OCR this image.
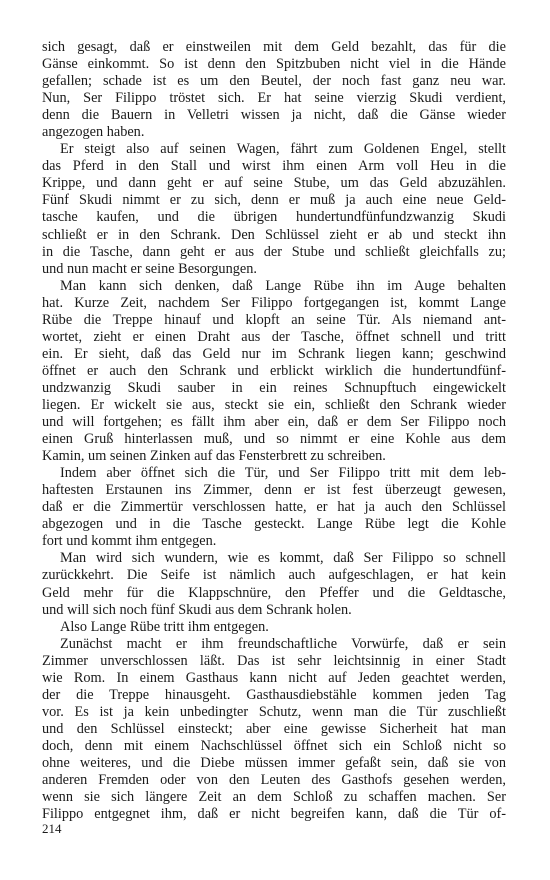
sich gesagt, daß er einstweilen mit dem Geld bezahlt, das für die
Gänse einkommt. So ist denn den Spitzbuben nicht viel in die Hände
gefallen; schade ist es um den Beutel, der noch fast ganz neu war.
Nun, Ser Filippo tröstet sich. Er hat seine vierzig Skudi verdient,
denn die Bauern in Velletri wissen ja nicht, daß die Gänse wieder
angezogen haben.
Er steigt also auf seinen Wagen, fährt zum Goldenen Engel, stellt
das Pferd in den Stall und wirst ihm einen Arm voll Heu in die
Krippe, und dann geht er auf seine Stube, um das Geld abzuzählen.
Fünf Skudi nimmt er zu sich, denn er muß ja auch eine neue Geld-
tasche kaufen, und die übrigen hundertundfünfundzwanzig Skudi
schließt er in den Schrank. Den Schlüssel zieht er ab und steckt ihn
in die Tasche, dann geht er aus der Stube und schließt gleichfalls zu;
und nun macht er seine Besorgungen.
Man kann sich denken, daß Lange Rübe ihn im Auge behalten
hat. Kurze Zeit, nachdem Ser Filippo fortgegangen ist, kommt Lange
Rübe die Treppe hinauf und klopft an seine Tür. Als niemand ant-
wortet, zieht er einen Draht aus der Tasche, öffnet schnell und tritt
ein. Er sieht, daß das Geld nur im Schrank liegen kann; geschwind
öffnet er auch den Schrank und erblickt wirklich die hundertundfünf-
undzwanzig Skudi sauber in ein reines Schnupftuch eingewickelt
liegen. Er wickelt sie aus, steckt sie ein, schließt den Schrank wieder
und will fortgehen; es fällt ihm aber ein, daß er dem Ser Filippo noch
einen Gruß hinterlassen muß, und so nimmt er eine Kohle aus dem
Kamin, um seinen Zinken auf das Fensterbrett zu schreiben.
Indem aber öffnet sich die Tür, und Ser Filippo tritt mit dem leb-
haftesten Erstaunen ins Zimmer, denn er ist fest überzeugt gewesen,
daß er die Zimmertür verschlossen hatte, er hat ja auch den Schlüssel
abgezogen und in die Tasche gesteckt. Lange Rübe legt die Kohle
fort und kommt ihm entgegen.
Man wird sich wundern, wie es kommt, daß Ser Filippo so schnell
zurückkehrt. Die Seife ist nämlich auch aufgeschlagen, er hat kein
Geld mehr für die Klappschnüre, den Pfeffer und die Geldtasche,
und will sich noch fünf Skudi aus dem Schrank holen.
Also Lange Rübe tritt ihm entgegen.
Zunächst macht er ihm freundschaftliche Vorwürfe, daß er sein
Zimmer unverschlossen läßt. Das ist sehr leichtsinnig in einer Stadt
wie Rom. In einem Gasthaus kann nicht auf Jeden geachtet werden,
der die Treppe hinausgeht. Gasthausdiebstähle kommen jeden Tag
vor. Es ist ja kein unbedingter Schutz, wenn man die Tür zuschließt
und den Schlüssel einsteckt; aber eine gewisse Sicherheit hat man
doch, denn mit einem Nachschlüssel öffnet sich ein Schloß nicht so
ohne weiteres, und die Diebe müssen immer gefaßt sein, daß sie von
anderen Fremden oder von den Leuten des Gasthofs gesehen werden,
wenn sie sich längere Zeit an dem Schloß zu schaffen machen. Ser
Filippo entgegnet ihm, daß er nicht begreifen kann, daß die Tür of-
214
